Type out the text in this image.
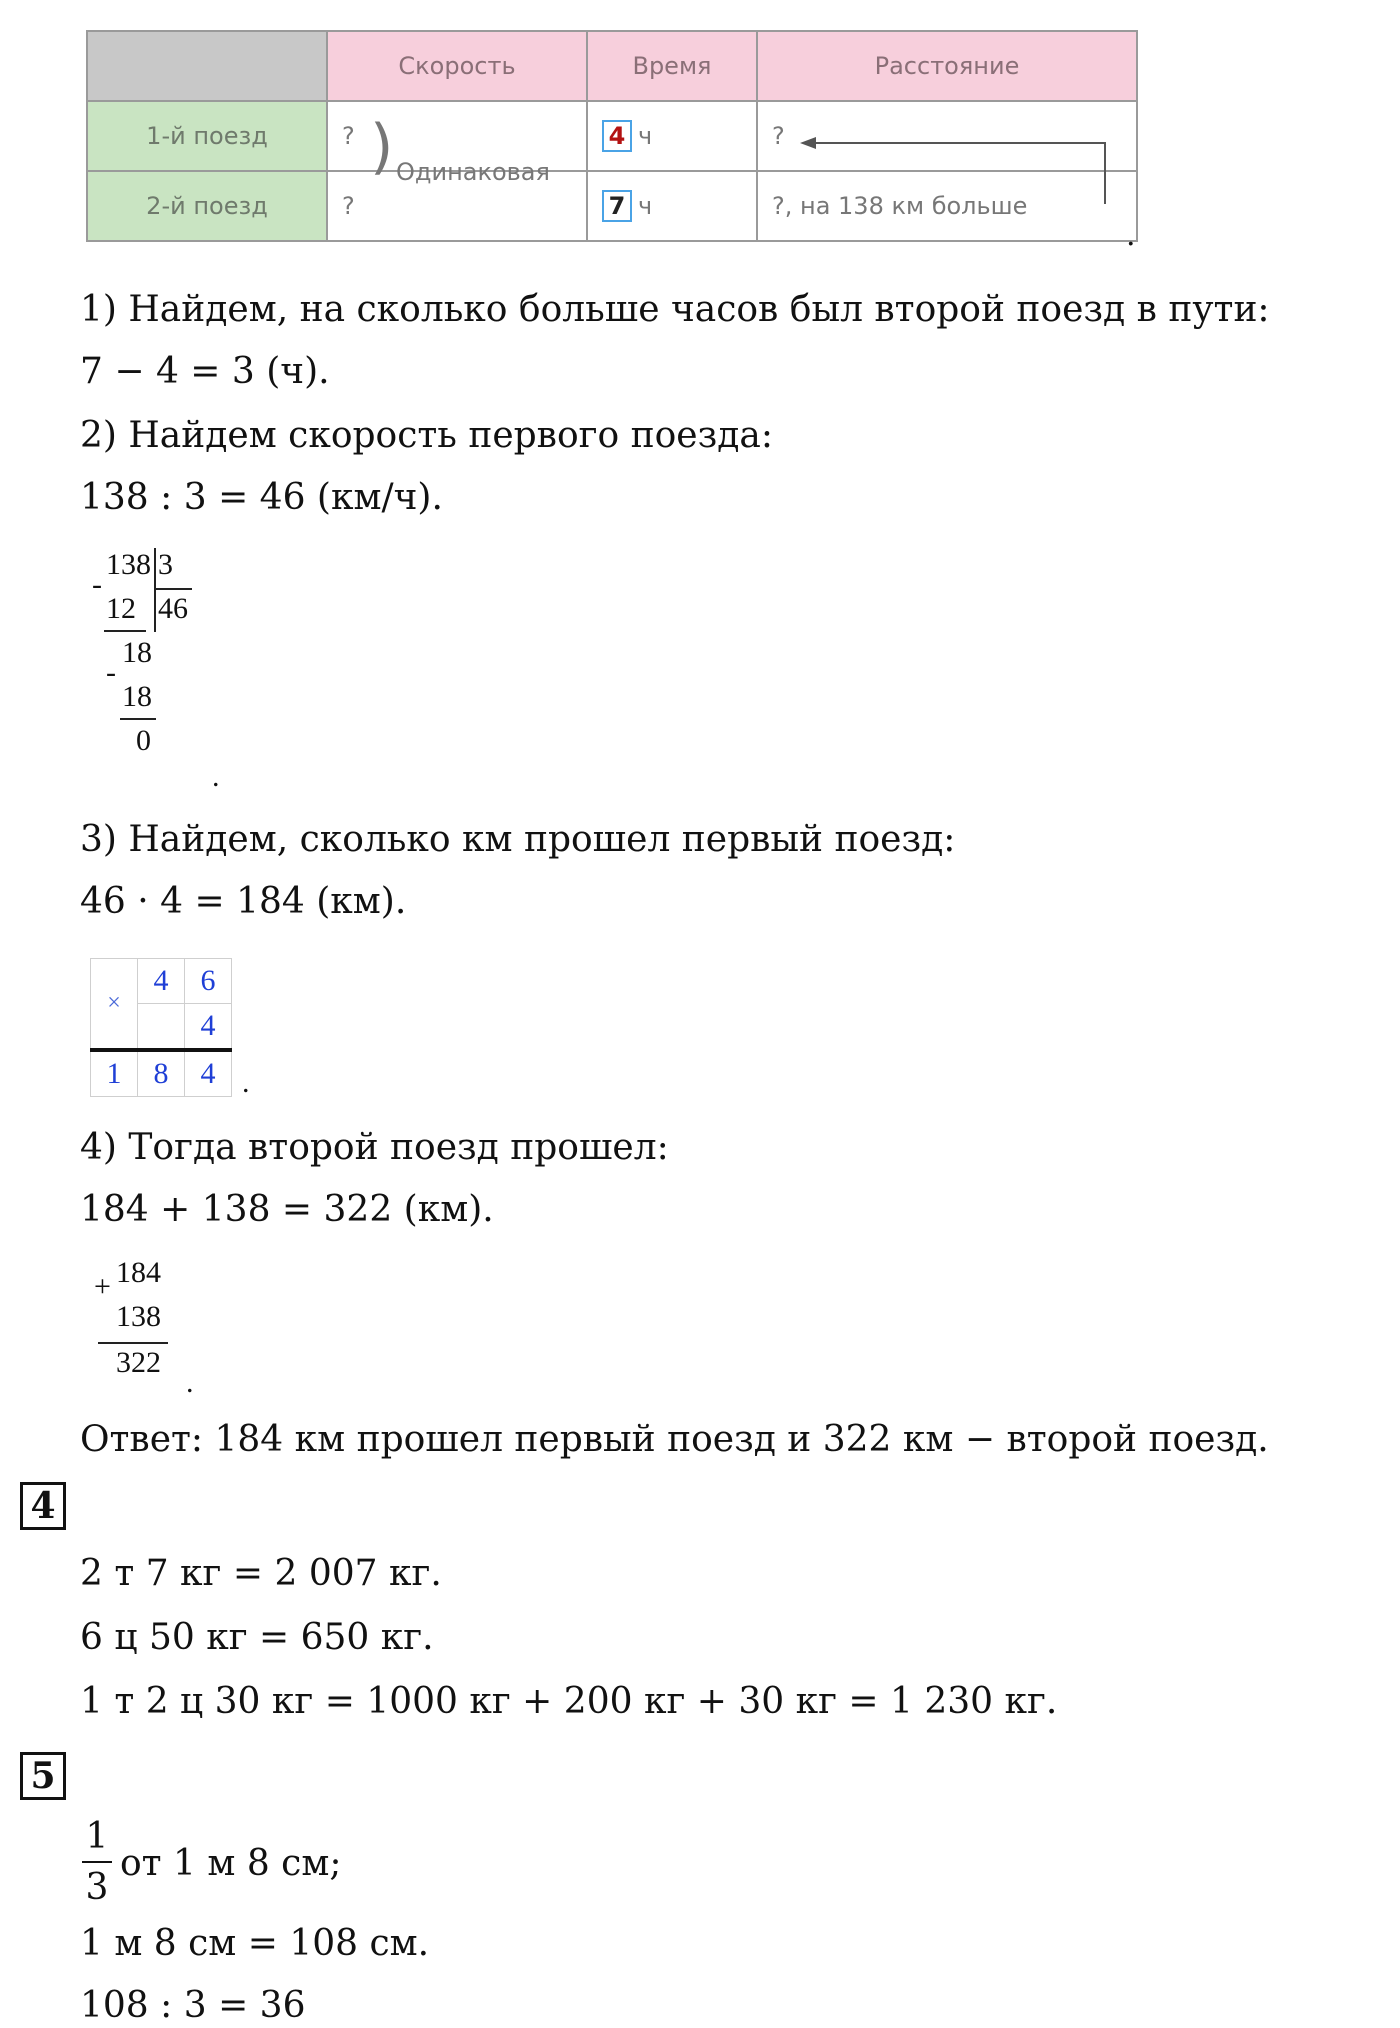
	Скорость	Время	Расстояние
1-й поезд	?	4 ч	?
2-й поезд	?	7 ч	?, на 138 км больше
) Одинаковая
.
1) Найдем, на сколько больше часов был второй поезд в пути:
7 − 4 = 3 (ч).
2) Найдем скорость первого поезда:
138 : 3 = 46 (км/ч).
138 3
46
-
12
18
-
18
0
.
3) Найдем, сколько км прошел первый поезд:
46 · 4 = 184 (км).
×	4	6
		4
1	8	4 .
4) Тогда второй поезд прошел:
184 + 138 = 322 (км).
+ 184
138
322
.
Ответ: 184 км прошел первый поезд и 322 км − второй поезд.
4
2 т 7 кг = 2 007 кг.
6 ц 50 кг = 650 кг.
1 т 2 ц 30 кг = 1000 кг + 200 кг + 30 кг = 1 230 кг.
5
1
3
от 1 м 8 см;
1 м 8 см = 108 см.
108 : 3 = 36
